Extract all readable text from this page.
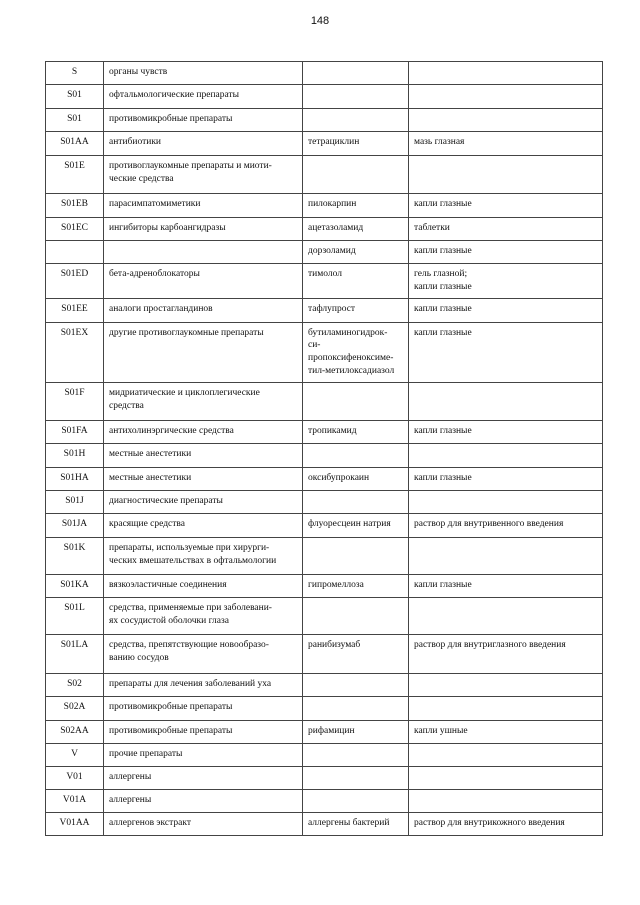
148
S	органы чувств		
S01	офтальмологические препараты		
S01	противомикробные препараты		
S01AA	антибиотики	тетрациклин	мазь глазная
S01E	противоглаукомные препараты и миоти-
ческие средства		
S01EB	парасимпатомиметики	пилокарпин	капли глазные
S01EC	ингибиторы карбоангидразы	ацетазоламид	таблетки
		дорзоламид	капли глазные
S01ED	бета-адреноблокаторы	тимолол	гель глазной;
капли глазные
S01EE	аналоги простагландинов	тафлупрост	капли глазные
S01EX	другие противоглаукомные препараты	бутиламиногидрок-
си-
пропоксифеноксиме-
тил-метилоксадиазол	капли глазные
S01F	мидриатические и циклоплегические
средства		
S01FA	антихолинэргические средства	тропикамид	капли глазные
S01H	местные анестетики		
S01HA	местные анестетики	оксибупрокаин	капли глазные
S01J	диагностические препараты		
S01JA	красящие средства	флуоресцеин натрия	раствор для внутривенного введения
S01K	препараты, используемые при хирурги-
ческих вмешательствах в офтальмологии		
S01KA	вязкоэластичные соединения	гипромеллоза	капли глазные
S01L	средства, применяемые при заболевани-
ях сосудистой оболочки глаза		
S01LA	средства, препятствующие новообразо-
ванию сосудов	ранибизумаб	раствор для внутриглазного введения
S02	препараты для лечения заболеваний уха		
S02A	противомикробные препараты		
S02AA	противомикробные препараты	рифамицин	капли ушные
V	прочие препараты		
V01	аллергены		
V01A	аллергены		
V01AA	аллергенов экстракт	аллергены бактерий	раствор для внутрикожного введения
